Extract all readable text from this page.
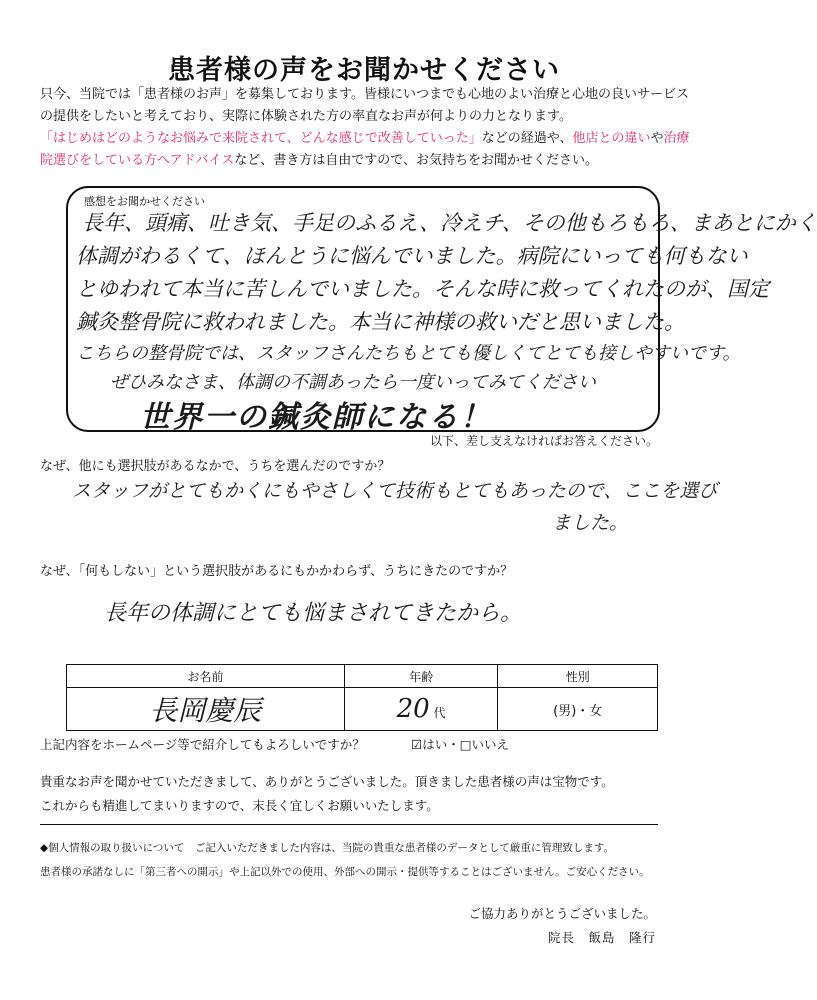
患者様の声をお聞かせください
只今、当院では「患者様のお声」を募集しております。皆様にいつまでも心地のよい治療と心地の良いサービスの提供をしたいと考えており、実際に体験された方の率直なお声が何よりの力となります。
「はじめはどのようなお悩みで来院されて、どんな感じで改善していった」などの経過や、他店との違いや治療院選びをしている方へアドバイスなど、書き方は自由ですので、お気持ちをお聞かせください。
感想をお聞かせください
長年、頭痛、吐き気、手足のふるえ、冷えチ、その他もろもろ、まあとにかく
体調がわるくて、ほんとうに悩んでいました。病院にいっても何もない
とゆわれて本当に苦しんでいました。そんな時に救ってくれたのが、国定
鍼灸整骨院に救われました。本当に神様の救いだと思いました。
こちらの整骨院では、スタッフさんたちもとても優しくてとても接しやすいです。
ぜひみなさま、体調の不調あったら一度いってみてください
世界一の鍼灸師になる！
以下、差し支えなければお答えください。
なぜ、他にも選択肢があるなかで、うちを選んだのですか？
スタッフがとてもかくにもやさしくて技術もとてもあったので、ここを選び
ました。
なぜ、「何もしない」という選択肢があるにもかかわらず、うちにきたのですか？
長年の体調にとても悩まされてきたから。
お名前	年齢	性別
長岡慶辰	20 代	(男)・女
上記内容をホームページ等で紹介してもよろしいですか？	☑はい・□いいえ
貴重なお声を聞かせていただきまして、ありがとうございました。頂きました患者様の声は宝物です。
これからも精進してまいりますので、末長く宜しくお願いいたします。
◆個人情報の取り扱いについて　ご記入いただきました内容は、当院の貴重な患者様のデータとして厳重に管理致します。
患者様の承諾なしに「第三者への開示」や上記以外での使用、外部への開示・提供等することはございません。ご安心ください。
ご協力ありがとうございました。
院長　飯島　隆行
